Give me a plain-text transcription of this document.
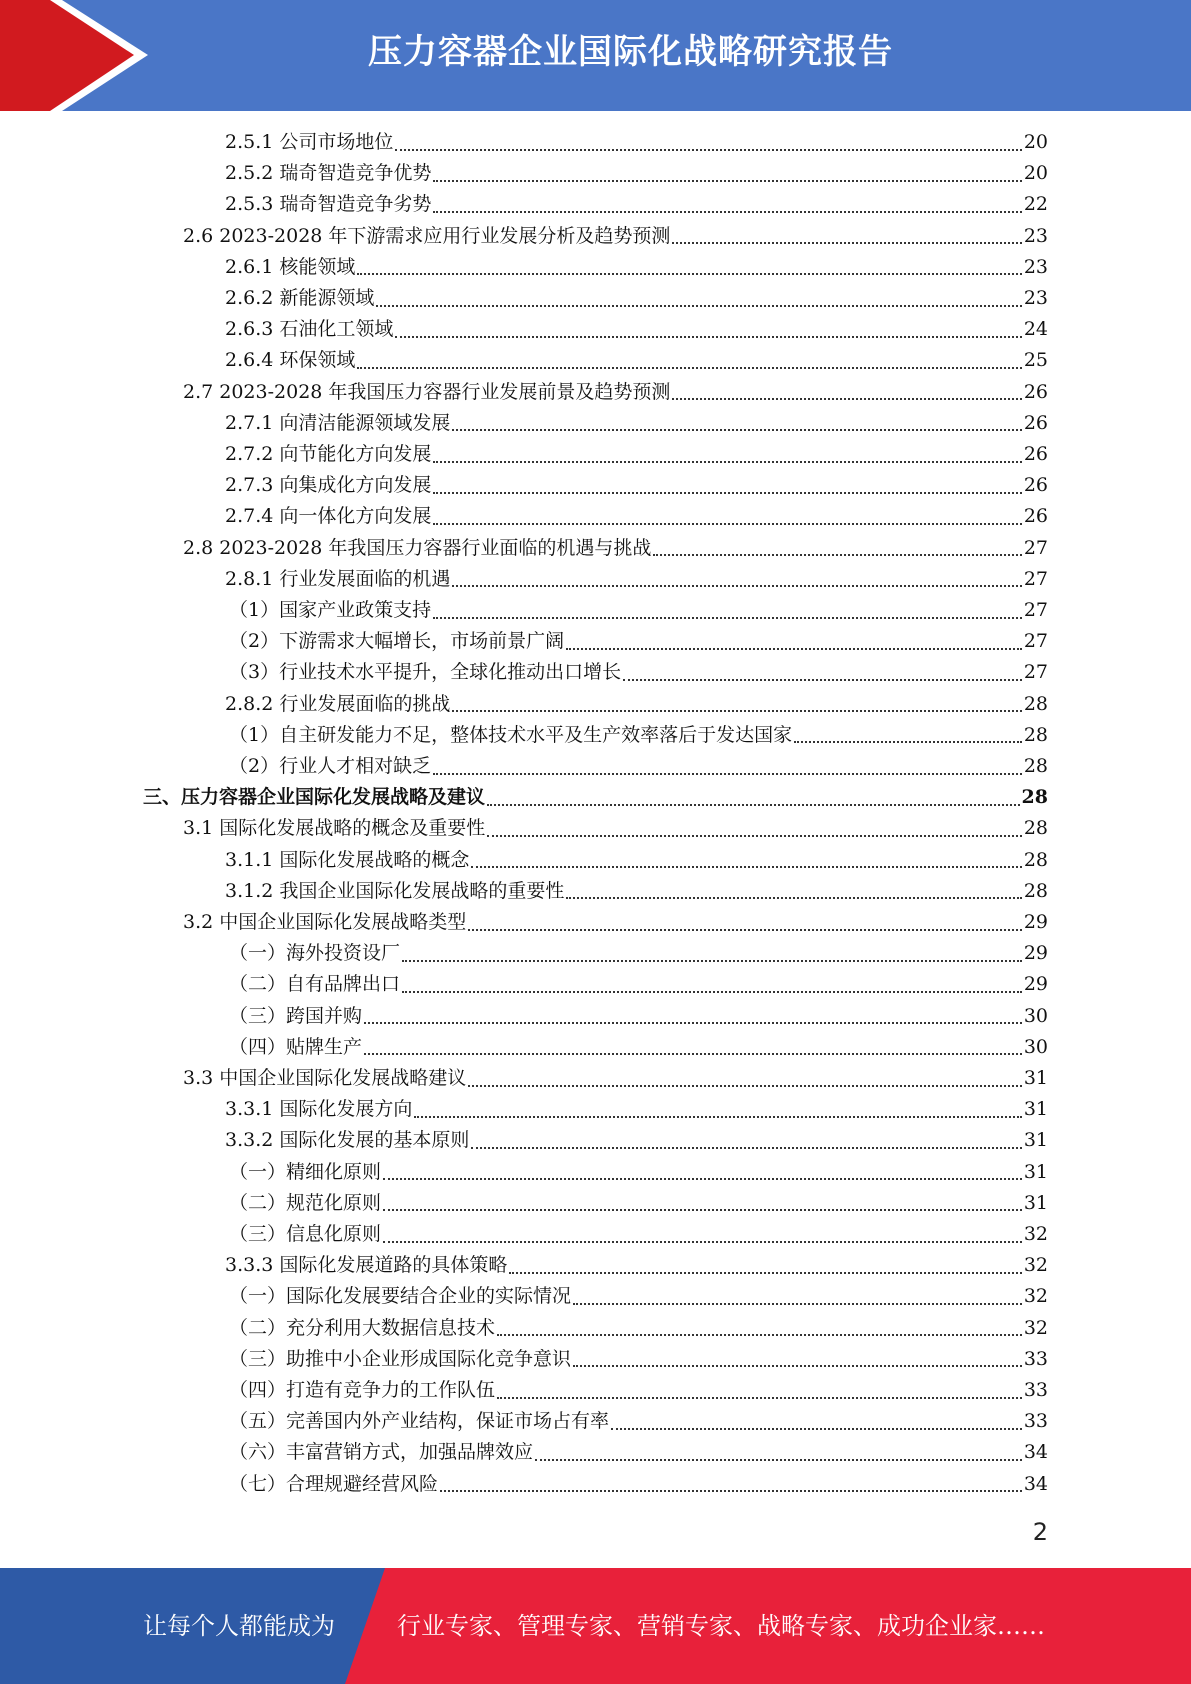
压力容器企业国际化战略研究报告
2.5.1 公司市场地位	20
2.5.2 瑞奇智造竞争优势	20
2.5.3 瑞奇智造竞争劣势	22
2.6 2023-2028 年下游需求应用行业发展分析及趋势预测	23
2.6.1 核能领域	23
2.6.2 新能源领域	23
2.6.3 石油化工领域	24
2.6.4 环保领域	25
2.7 2023-2028 年我国压力容器行业发展前景及趋势预测	26
2.7.1 向清洁能源领域发展	26
2.7.2 向节能化方向发展	26
2.7.3 向集成化方向发展	26
2.7.4 向一体化方向发展	26
2.8 2023-2028 年我国压力容器行业面临的机遇与挑战	27
2.8.1 行业发展面临的机遇	27
（1）国家产业政策支持	27
（2）下游需求大幅增长，市场前景广阔	27
（3）行业技术水平提升，全球化推动出口增长	27
2.8.2 行业发展面临的挑战	28
（1）自主研发能力不足，整体技术水平及生产效率落后于发达国家	28
（2）行业人才相对缺乏	28
三、压力容器企业国际化发展战略及建议	28
3.1 国际化发展战略的概念及重要性	28
3.1.1 国际化发展战略的概念	28
3.1.2 我国企业国际化发展战略的重要性	28
3.2 中国企业国际化发展战略类型	29
（一）海外投资设厂	29
（二）自有品牌出口	29
（三）跨国并购	30
（四）贴牌生产	30
3.3 中国企业国际化发展战略建议	31
3.3.1 国际化发展方向	31
3.3.2 国际化发展的基本原则	31
（一）精细化原则	31
（二）规范化原则	31
（三）信息化原则	32
3.3.3 国际化发展道路的具体策略	32
（一）国际化发展要结合企业的实际情况	32
（二）充分利用大数据信息技术	32
（三）助推中小企业形成国际化竞争意识	33
（四）打造有竞争力的工作队伍	33
（五）完善国内外产业结构，保证市场占有率	33
（六）丰富营销方式，加强品牌效应	34
（七）合理规避经营风险	34
2
让每个人都能成为	行业专家、管理专家、营销专家、战略专家、成功企业家……
